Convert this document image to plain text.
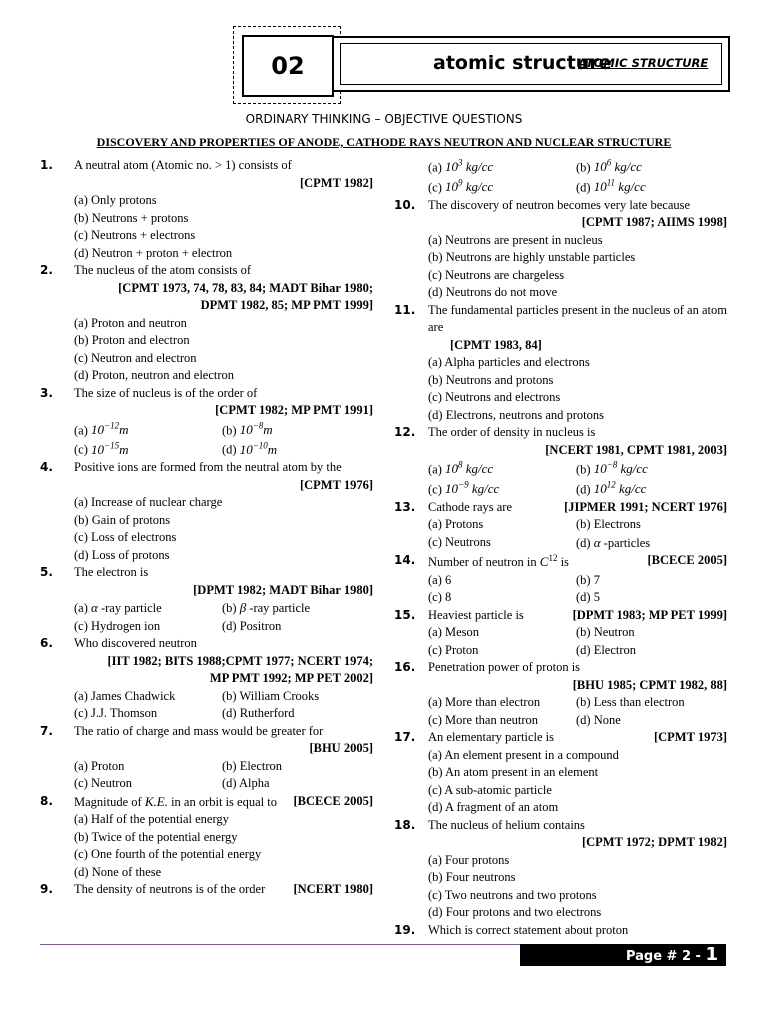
02	atomic structure
ATOMIC STRUCTURE
ORDINARY THINKING – OBJECTIVE QUESTIONS
DISCOVERY AND PROPERTIES OF ANODE, CATHODE RAYS NEUTRON AND NUCLEAR STRUCTURE
1. A neutral atom (Atomic no. > 1) consists of
[CPMT 1982]
(a) Only protons
(b) Neutrons + protons
(c) Neutrons + electrons
(d) Neutron + proton + electron
2. The nucleus of the atom consists of
[CPMT 1973, 74, 78, 83, 84; MADT Bihar 1980;
DPMT 1982, 85; MP PMT 1999]
(a) Proton and neutron
(b) Proton and electron
(c) Neutron and electron
(d) Proton, neutron and electron
3. The size of nucleus is of the order of
[CPMT 1982; MP PMT 1991]
(a) $10^{-12}m$	(b) $10^{-8}m$
(c) $10^{-15}m$	(d) $10^{-10}m$
4. Positive ions are formed from the neutral atom by the
[CPMT 1976]
(a) Increase of nuclear charge
(b) Gain of protons
(c) Loss of electrons
(d) Loss of protons
5. The electron is
[DPMT 1982; MADT Bihar 1980]
(a) α -ray particle	(b) β -ray particle
(c) Hydrogen ion	(d) Positron
6. Who discovered neutron
[IIT 1982; BITS 1988;CPMT 1977; NCERT 1974;
MP PMT 1992; MP PET 2002]
(a) James Chadwick	(b) William Crooks
(c) J.J. Thomson	(d) Rutherford
7. The ratio of charge and mass would be greater for
[BHU 2005]
(a) Proton	(b) Electron
(c) Neutron	(d) Alpha
8.	[BCECE 2005]
Magnitude of K.E. in an orbit is equal to
(a) Half of the potential energy
(b) Twice of the potential energy
(c) One fourth of the potential energy
(d) None of these
9.	[NCERT 1980]
The density of neutrons is of the order
(a) $10^3$ kg/cc	(b) $10^6$ kg/cc
(c) $10^9$ kg/cc	(d) $10^{11}$ kg/cc
10. The discovery of neutron becomes very late because
[CPMT 1987; AIIMS 1998]
(a) Neutrons are present in nucleus
(b) Neutrons are highly unstable particles
(c) Neutrons are chargeless
(d) Neutrons do not move
11. The fundamental particles present in the nucleus of an atom are
[CPMT 1983, 84]
(a) Alpha particles and electrons
(b) Neutrons and protons
(c) Neutrons and electrons
(d) Electrons, neutrons and protons
12. The order of density in nucleus is
[NCERT 1981, CPMT 1981, 2003]
(a) $10^8$ kg/cc	(b) $10^{-8}$ kg/cc
(c) $10^{-9}$ kg/cc	(d) $10^{12}$ kg/cc
13.	[JIPMER 1991; NCERT 1976]
Cathode rays are
(a) Protons	(b) Electrons
(c) Neutrons	(d) α -particles
14.	[BCECE 2005]
Number of neutron in $C^{12}$ is
(a) 6	(b) 7
(c) 8	(d) 5
15.	[DPMT 1983; MP PET 1999]
Heaviest particle is
(a) Meson	(b) Neutron
(c) Proton	(d) Electron
16. Penetration power of proton is
[BHU 1985; CPMT 1982, 88]
(a) More than electron	(b) Less than electron
(c) More than neutron	(d) None
17.	[CPMT 1973]
An elementary particle is
(a) An element present in a compound
(b) An atom present in an element
(c) A sub-atomic particle
(d) A fragment of an atom
18. The nucleus of helium contains
[CPMT 1972; DPMT 1982]
(a) Four protons
(b) Four neutrons
(c) Two neutrons and two protons
(d) Four protons and two electrons
19. Which is correct statement about proton
Page # 2 - 1
